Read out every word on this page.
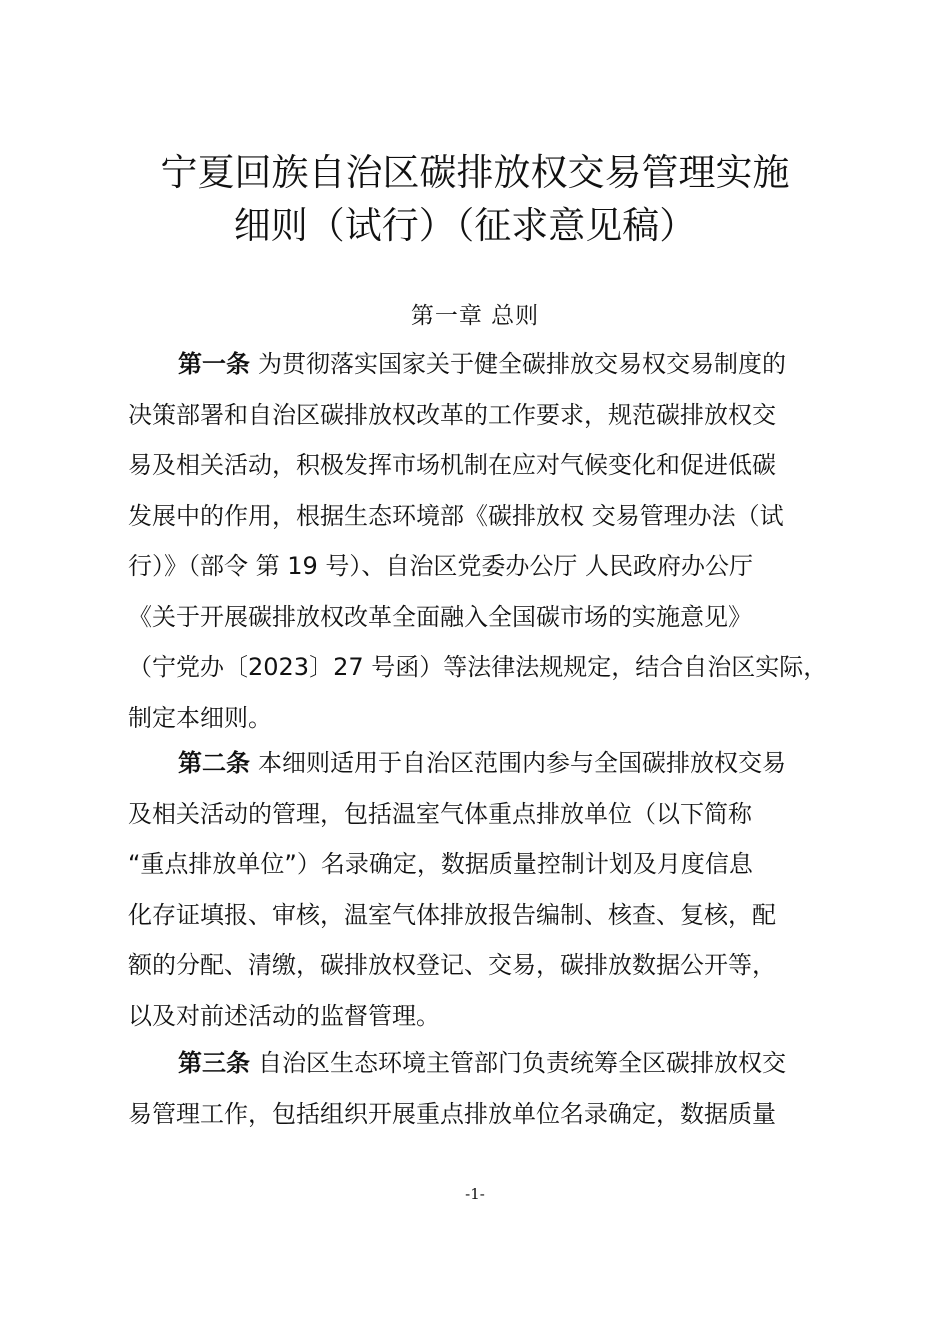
宁夏回族自治区碳排放权交易管理实施
细则（试行）（征求意见稿）
第一章 总则
第一条 为贯彻落实国家关于健全碳排放交易权交易制度的
决策部署和自治区碳排放权改革的工作要求，规范碳排放权交
易及相关活动，积极发挥市场机制在应对气候变化和促进低碳
发展中的作用，根据生态环境部《碳排放权 交易管理办法（试
行）》（部令 第 19 号）、自治区党委办公厅 人民政府办公厅
《关于开展碳排放权改革全面融入全国碳市场的实施意见》
（宁党办〔2023〕27 号函）等法律法规规定，结合自治区实际，
制定本细则。
第二条 本细则适用于自治区范围内参与全国碳排放权交易
及相关活动的管理，包括温室气体重点排放单位（以下简称
“重点排放单位”）名录确定，数据质量控制计划及月度信息
化存证填报、审核，温室气体排放报告编制、核查、复核，配
额的分配、清缴，碳排放权登记、交易，碳排放数据公开等，
以及对前述活动的监督管理。
第三条 自治区生态环境主管部门负责统筹全区碳排放权交
易管理工作，包括组织开展重点排放单位名录确定，数据质量
-1-
